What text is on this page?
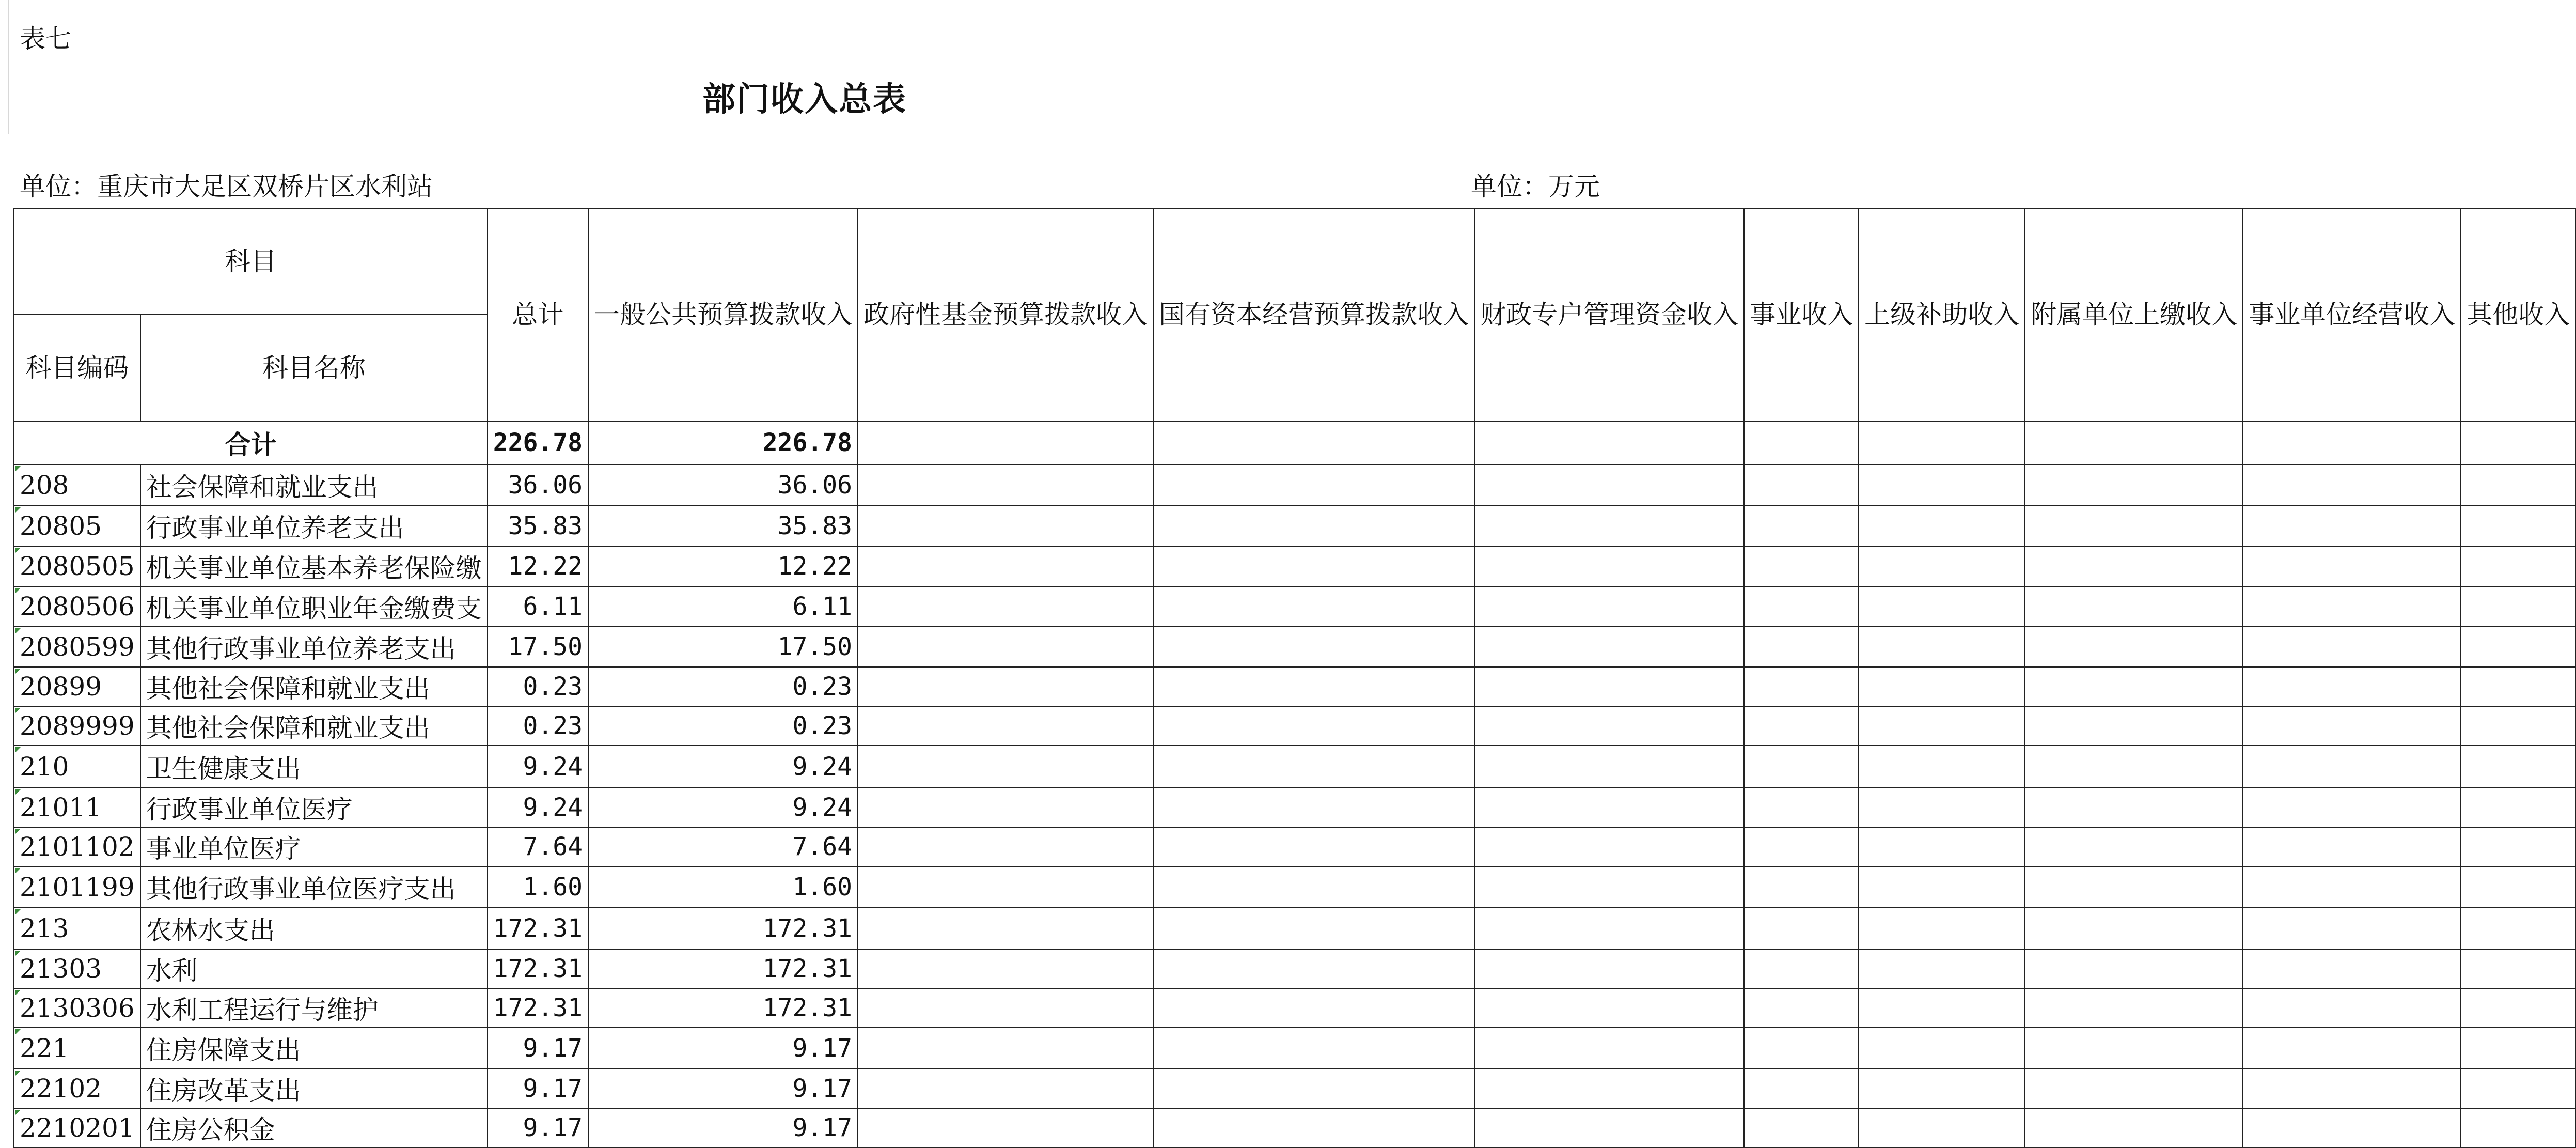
表七
部门收入总表
单位：重庆市大足区双桥片区水利站	单位：万元
科目		总计	一般公共预算拨款收入	政府性基金预算拨款收入	国有资本经营预算拨款收入	财政专户管理资金收入	事业收入	上级补助收入	附属单位上缴收入	事业单位经营收入	其他收入
科目编码	科目名称										
合计		226.78	226.78								
208	社会保障和就业支出	36.06	36.06								
20805	行政事业单位养老支出	35.83	35.83								
2080505	机关事业单位基本养老保险缴	12.22	12.22								
2080506	机关事业单位职业年金缴费支	6.11	6.11								
2080599	其他行政事业单位养老支出	17.50	17.50								
20899	其他社会保障和就业支出	0.23	0.23								
2089999	其他社会保障和就业支出	0.23	0.23								
210	卫生健康支出	9.24	9.24								
21011	行政事业单位医疗	9.24	9.24								
2101102	事业单位医疗	7.64	7.64								
2101199	其他行政事业单位医疗支出	1.60	1.60								
213	农林水支出	172.31	172.31								
21303	水利	172.31	172.31								
2130306	水利工程运行与维护	172.31	172.31								
221	住房保障支出	9.17	9.17								
22102	住房改革支出	9.17	9.17								
2210201	住房公积金	9.17	9.17								
